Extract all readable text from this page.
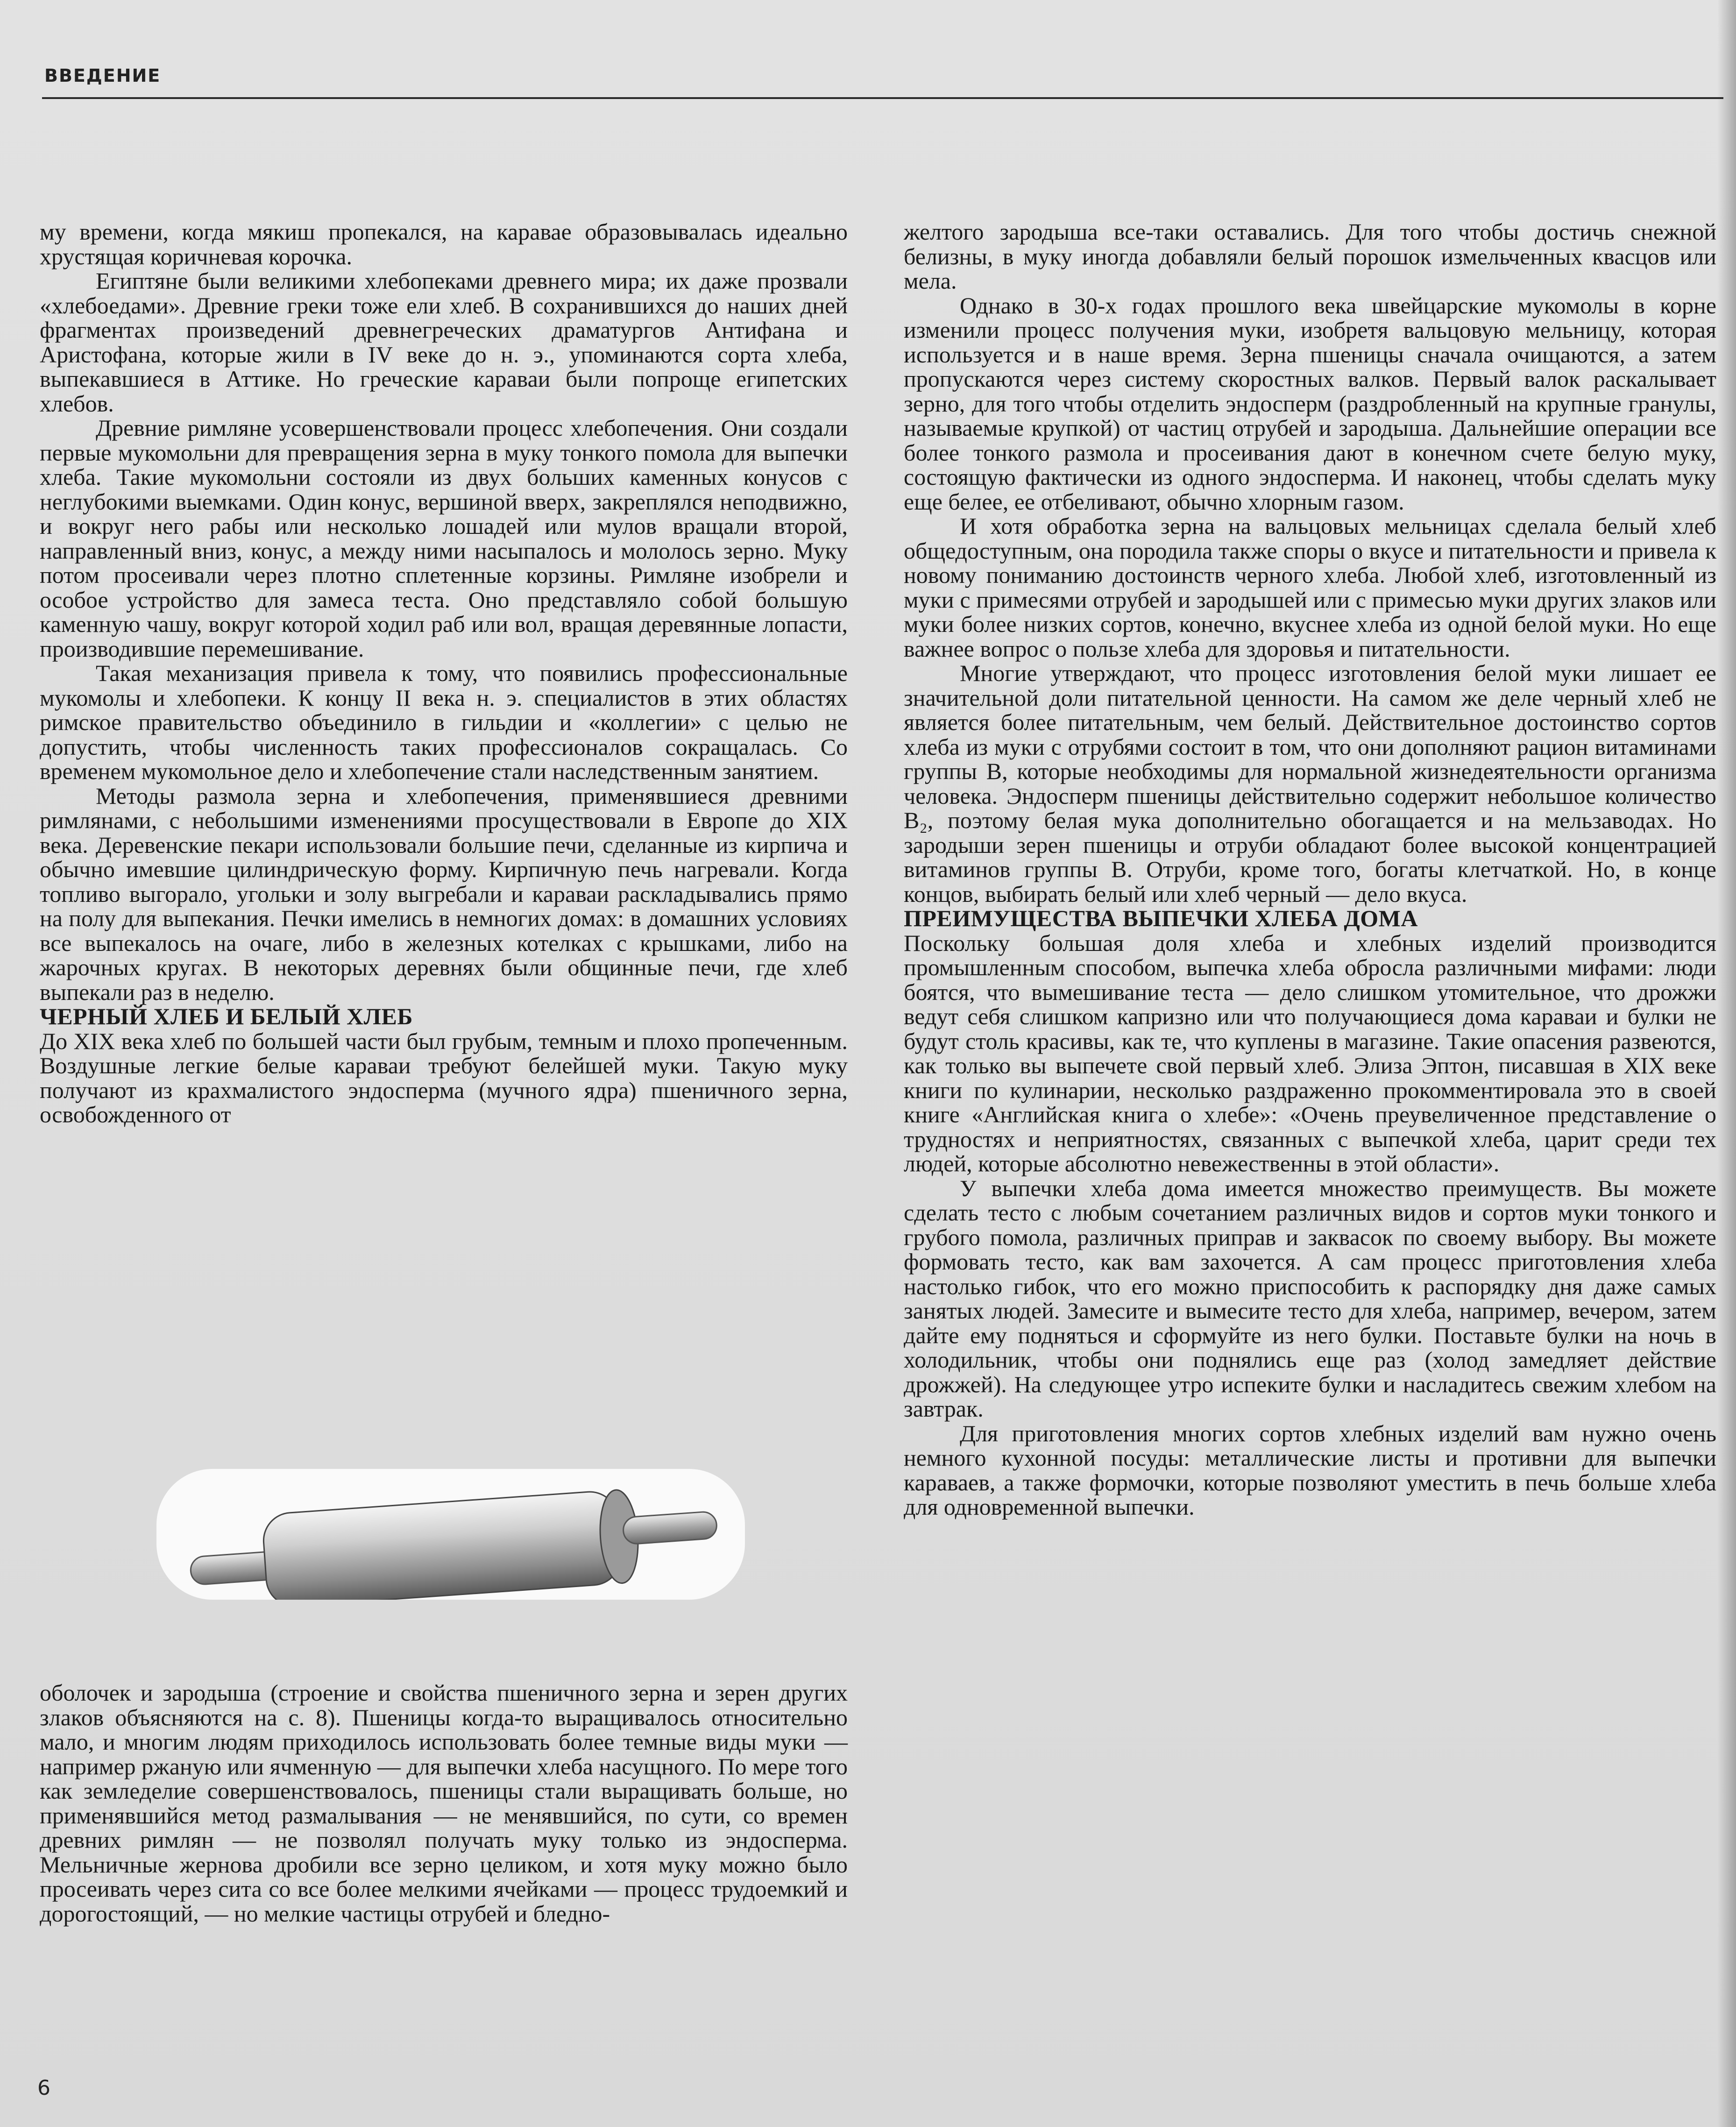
ВВЕДЕНИЕ

му времени, когда мякиш пропекался, на каравае образовывалась идеально хрустящая коричневая корочка.

Египтяне были великими хлебопеками древнего мира; их даже прозвали «хлебоедами». Древние греки тоже ели хлеб. В сохранившихся до наших дней фрагментах произведений древнегреческих драматургов Антифана и Аристофана, которые жили в IV веке до н. э., упоминаются сорта хлеба, выпекавшиеся в Аттике. Но греческие караваи были попроще египетских хлебов.

Древние римляне усовершенствовали процесс хлебопечения. Они создали первые мукомольни для превращения зерна в муку тонкого помола для выпечки хлеба. Такие мукомольни состояли из двух больших каменных конусов с неглубокими выемками. Один конус, вершиной вверх, закреплялся неподвижно, и вокруг него рабы или несколько лошадей или мулов вращали второй, направленный вниз, конус, а между ними насыпалось и мололось зерно. Муку потом просеивали через плотно сплетенные корзины. Римляне изобрели и особое устройство для замеса теста. Оно представляло собой большую каменную чашу, вокруг которой ходил раб или вол, вращая деревянные лопасти, производившие перемешивание.

Такая механизация привела к тому, что появились профессиональные мукомолы и хлебопеки. К концу II века н. э. специалистов в этих областях римское правительство объединило в гильдии и «коллегии» с целью не допустить, чтобы численность таких профессионалов сокращалась. Со временем мукомольное дело и хлебопечение стали наследственным занятием.

Методы размола зерна и хлебопечения, применявшиеся древними римлянами, с небольшими изменениями просуществовали в Европе до XIX века. Деревенские пекари использовали большие печи, сделанные из кирпича и обычно имевшие цилиндрическую форму. Кирпичную печь нагревали. Когда топливо выгорало, угольки и золу выгребали и караваи раскладывались прямо на полу для выпекания. Печки имелись в немногих домах: в домашних условиях все выпекалось на очаге, либо в железных котелках с крышками, либо на жарочных кругах. В некоторых деревнях были общинные печи, где хлеб выпекали раз в неделю.

ЧЕРНЫЙ ХЛЕБ И БЕЛЫЙ ХЛЕБ

До XIX века хлеб по большей части был грубым, темным и плохо пропеченным. Воздушные легкие белые караваи требуют белейшей муки. Такую муку получают из крахмалистого эндосперма (мучного ядра) пшеничного зерна, освобожденного от

оболочек и зародыша (строение и свойства пшеничного зерна и зерен других злаков объясняются на с. 8). Пшеницы когда-то выращивалось относительно мало, и многим людям приходилось использовать более темные виды муки — например ржаную или ячменную — для выпечки хлеба насущного. По мере того как земледелие совершенствовалось, пшеницы стали выращивать больше, но применявшийся метод размалывания — не менявшийся, по сути, со времен древних римлян — не позволял получать муку только из эндосперма. Мельничные жернова дробили все зерно целиком, и хотя муку можно было просеивать через сита со все более мелкими ячейками — процесс трудоемкий и дорогостоящий, — но мелкие частицы отрубей и бледно-

желтого зародыша все-таки оставались. Для того чтобы достичь снежной белизны, в муку иногда добавляли белый порошок измельченных квасцов или мела.

Однако в 30-х годах прошлого века швейцарские мукомолы в корне изменили процесс получения муки, изобретя вальцовую мельницу, которая используется и в наше время. Зерна пшеницы сначала очищаются, а затем пропускаются через систему скоростных валков. Первый валок раскалывает зерно, для того чтобы отделить эндосперм (раздробленный на крупные гранулы, называемые крупкой) от частиц отрубей и зародыша. Дальнейшие операции все более тонкого размола и просеивания дают в конечном счете белую муку, состоящую фактически из одного эндосперма. И наконец, чтобы сделать муку еще белее, ее отбеливают, обычно хлорным газом.

И хотя обработка зерна на вальцовых мельницах сделала белый хлеб общедоступным, она породила также споры о вкусе и питательности и привела к новому пониманию достоинств черного хлеба. Любой хлеб, изготовленный из муки с примесями отрубей и зародышей или с примесью муки других злаков или муки более низких сортов, конечно, вкуснее хлеба из одной белой муки. Но еще важнее вопрос о пользе хлеба для здоровья и питательности.

Многие утверждают, что процесс изготовления белой муки лишает ее значительной доли питательной ценности. На самом же деле черный хлеб не является более питательным, чем белый. Действительное достоинство сортов хлеба из муки с отрубями состоит в том, что они дополняют рацион витаминами группы B, которые необходимы для нормальной жизнедеятельности организма человека. Эндосперм пшеницы действительно содержит небольшое количество B₂, поэтому белая мука дополнительно обогащается и на мельзаводах. Но зародыши зерен пшеницы и отруби обладают более высокой концентрацией витаминов группы B. Отруби, кроме того, богаты клетчаткой. Но, в конце концов, выбирать белый или хлеб черный — дело вкуса.

ПРЕИМУЩЕСТВА ВЫПЕЧКИ ХЛЕБА ДОМА

Поскольку большая доля хлеба и хлебных изделий производится промышленным способом, выпечка хлеба обросла различными мифами: люди боятся, что вымешивание теста — дело слишком утомительное, что дрожжи ведут себя слишком капризно или что получающиеся дома караваи и булки не будут столь красивы, как те, что куплены в магазине. Такие опасения развеются, как только вы выпечете свой первый хлеб. Элиза Эптон, писавшая в XIX веке книги по кулинарии, несколько раздраженно прокомментировала это в своей книге «Английская книга о хлебе»: «Очень преувеличенное представление о трудностях и неприятностях, связанных с выпечкой хлеба, царит среди тех людей, которые абсолютно невежественны в этой области».

У выпечки хлеба дома имеется множество преимуществ. Вы можете сделать тесто с любым сочетанием различных видов и сортов муки тонкого и грубого помола, различных приправ и заквасок по своему выбору. Вы можете формовать тесто, как вам захочется. А сам процесс приготовления хлеба настолько гибок, что его можно приспособить к распорядку дня даже самых занятых людей. Замесите и вымесите тесто для хлеба, например, вечером, затем дайте ему подняться и сформуйте из него булки. Поставьте булки на ночь в холодильник, чтобы они поднялись еще раз (холод замедляет действие дрожжей). На следующее утро испеките булки и насладитесь свежим хлебом на завтрак.

Для приготовления многих сортов хлебных изделий вам нужно очень немного кухонной посуды: металлические листы и противни для выпечки караваев, а также формочки, которые позволяют уместить в печь больше хлеба для одновременной выпечки.

6
